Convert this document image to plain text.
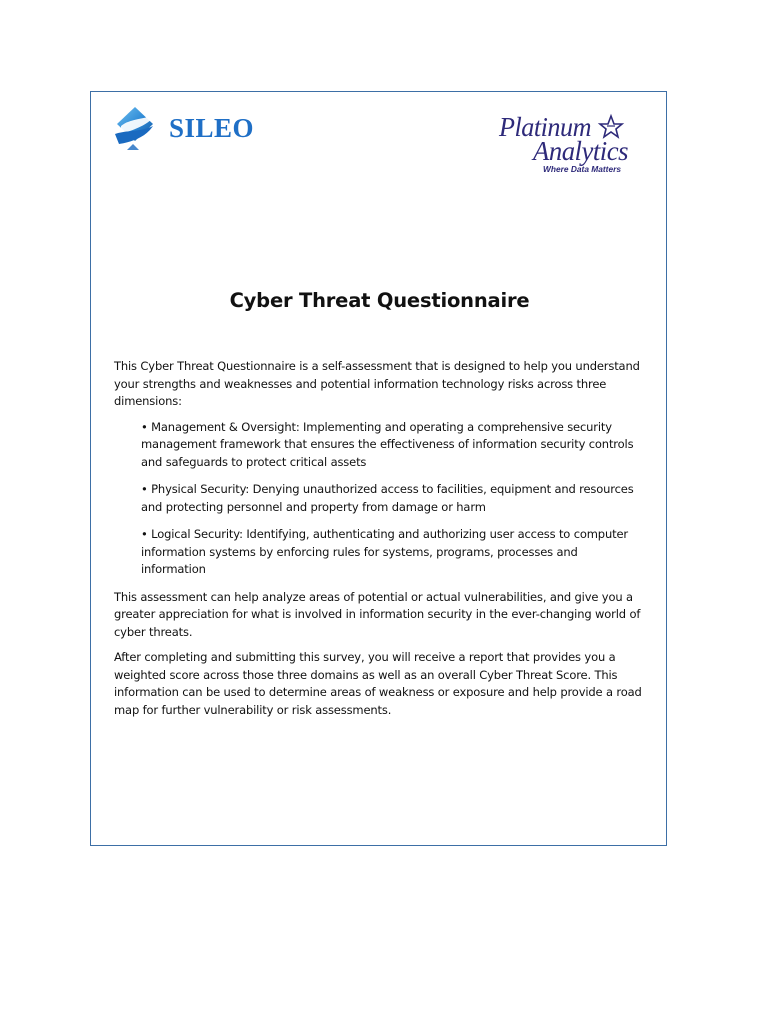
SILEO	Platinum
Analytics
Where Data Matters
Cyber Threat Questionnaire

This Cyber Threat Questionnaire is a self-assessment that is designed to help you understand your strengths and weaknesses and potential information technology risks across three dimensions:

• Management & Oversight: Implementing and operating a comprehensive security management framework that ensures the effectiveness of information security controls and safeguards to protect critical assets
• Physical Security: Denying unauthorized access to facilities, equipment and resources and protecting personnel and property from damage or harm
• Logical Security: Identifying, authenticating and authorizing user access to computer information systems by enforcing rules for systems, programs, processes and information

This assessment can help analyze areas of potential or actual vulnerabilities, and give you a greater appreciation for what is involved in information security in the ever-changing world of cyber threats.

After completing and submitting this survey, you will receive a report that provides you a weighted score across those three domains as well as an overall Cyber Threat Score. This information can be used to determine areas of weakness or exposure and help provide a road map for further vulnerability or risk assessments.
